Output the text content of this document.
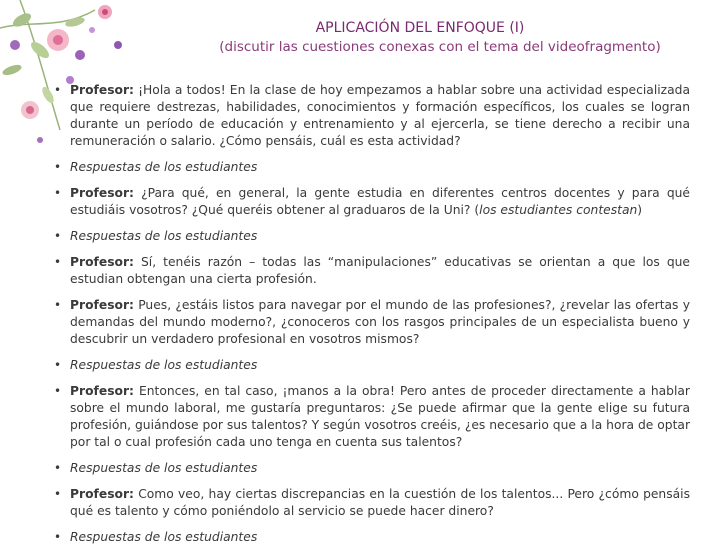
APLICACIÓN DEL ENFOQUE (I)
(discutir las cuestiones conexas con el tema del videofragmento)
• Profesor: ¡Hola a todos! En la clase de hoy empezamos a hablar sobre una actividad especializada que requiere destrezas, habilidades, conocimientos y formación específicos, los cuales se logran durante un período de educación y entrenamiento y al ejercerla, se tiene derecho a recibir una remuneración o salario. ¿Cómo pensáis, cuál es esta actividad?
• Respuestas de los estudiantes
• Profesor: ¿Para qué, en general, la gente estudia en diferentes centros docentes y para qué estudiáis vosotros? ¿Qué queréis obtener al graduaros de la Uni? (los estudiantes contestan)
• Respuestas de los estudiantes
• Profesor: Sí, tenéis razón – todas las “manipulaciones” educativas se orientan a que los que estudian obtengan una cierta profesión.
• Profesor: Pues, ¿estáis listos para navegar por el mundo de las profesiones?, ¿revelar las ofertas y demandas del mundo moderno?, ¿conoceros con los rasgos principales de un especialista bueno y descubrir un verdadero profesional en vosotros mismos?
• Respuestas de los estudiantes
• Profesor: Entonces, en tal caso, ¡manos a la obra! Pero antes de proceder directamente a hablar sobre el mundo laboral, me gustaría preguntaros: ¿Se puede afirmar que la gente elige su futura profesión, guiándose por sus talentos? Y según vosotros creéis, ¿es necesario que a la hora de optar por tal o cual profesión cada uno tenga en cuenta sus talentos?
• Respuestas de los estudiantes
• Profesor: Como veo, hay ciertas discrepancias en la cuestión de los talentos... Pero ¿cómo pensáis qué es talento y cómo poniéndolo al servicio se puede hacer dinero?
• Respuestas de los estudiantes
